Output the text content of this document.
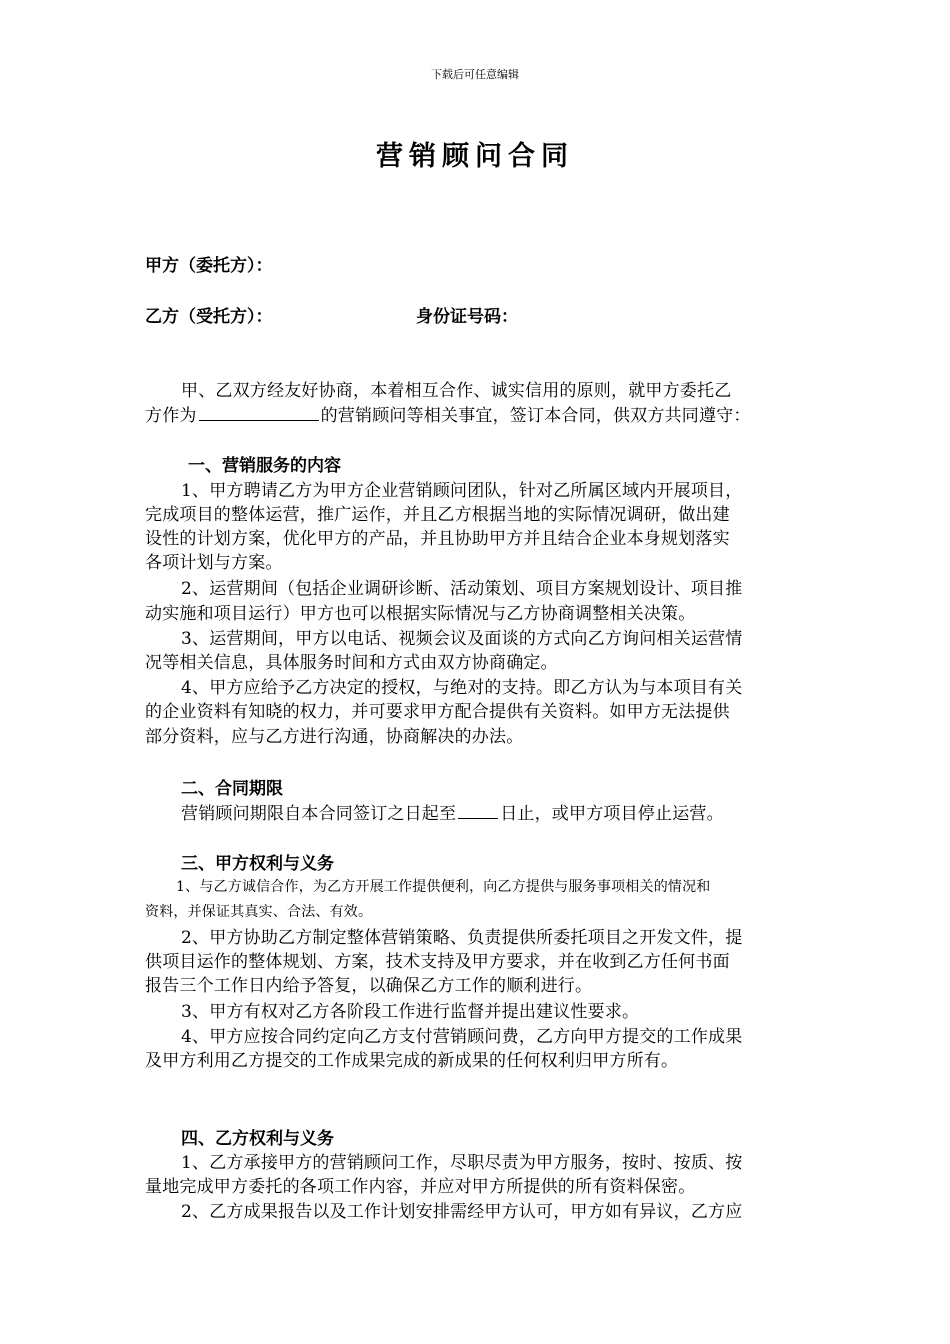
下载后可任意编辑
营销顾问合同
甲方（委托方）：
乙方（受托方）：	身份证号码：
甲、乙双方经友好协商，本着相互合作、诚实信用的原则，就甲方委托乙
方作为	的营销顾问等相关事宜，签订本合同，供双方共同遵守：
一、营销服务的内容
1、甲方聘请乙方为甲方企业营销顾问团队，针对乙所属区域内开展项目，
完成项目的整体运营，推广运作，并且乙方根据当地的实际情况调研，做出建
设性的计划方案，优化甲方的产品，并且协助甲方并且结合企业本身规划落实
各项计划与方案。
2、运营期间（包括企业调研诊断、活动策划、项目方案规划设计、项目推
动实施和项目运行）甲方也可以根据实际情况与乙方协商调整相关决策。
3、运营期间，甲方以电话、视频会议及面谈的方式向乙方询问相关运营情
况等相关信息，具体服务时间和方式由双方协商确定。
4、甲方应给予乙方决定的授权，与绝对的支持。即乙方认为与本项目有关
的企业资料有知晓的权力，并可要求甲方配合提供有关资料。如甲方无法提供
部分资料，应与乙方进行沟通，协商解决的办法。
二、合同期限
营销顾问期限自本合同签订之日起至	日止，或甲方项目停止运营。
三、甲方权利与义务
1、与乙方诚信合作，为乙方开展工作提供便利，向乙方提供与服务事项相关的情况和
资料，并保证其真实、合法、有效。
2、甲方协助乙方制定整体营销策略、负责提供所委托项目之开发文件，提
供项目运作的整体规划、方案，技术支持及甲方要求，并在收到乙方任何书面
报告三个工作日内给予答复，以确保乙方工作的顺利进行。
3、甲方有权对乙方各阶段工作进行监督并提出建议性要求。
4、甲方应按合同约定向乙方支付营销顾问费，乙方向甲方提交的工作成果
及甲方利用乙方提交的工作成果完成的新成果的任何权利归甲方所有。
四、乙方权利与义务
1、乙方承接甲方的营销顾问工作，尽职尽责为甲方服务，按时、按质、按
量地完成甲方委托的各项工作内容，并应对甲方所提供的所有资料保密。
2、乙方成果报告以及工作计划安排需经甲方认可，甲方如有异议，乙方应
